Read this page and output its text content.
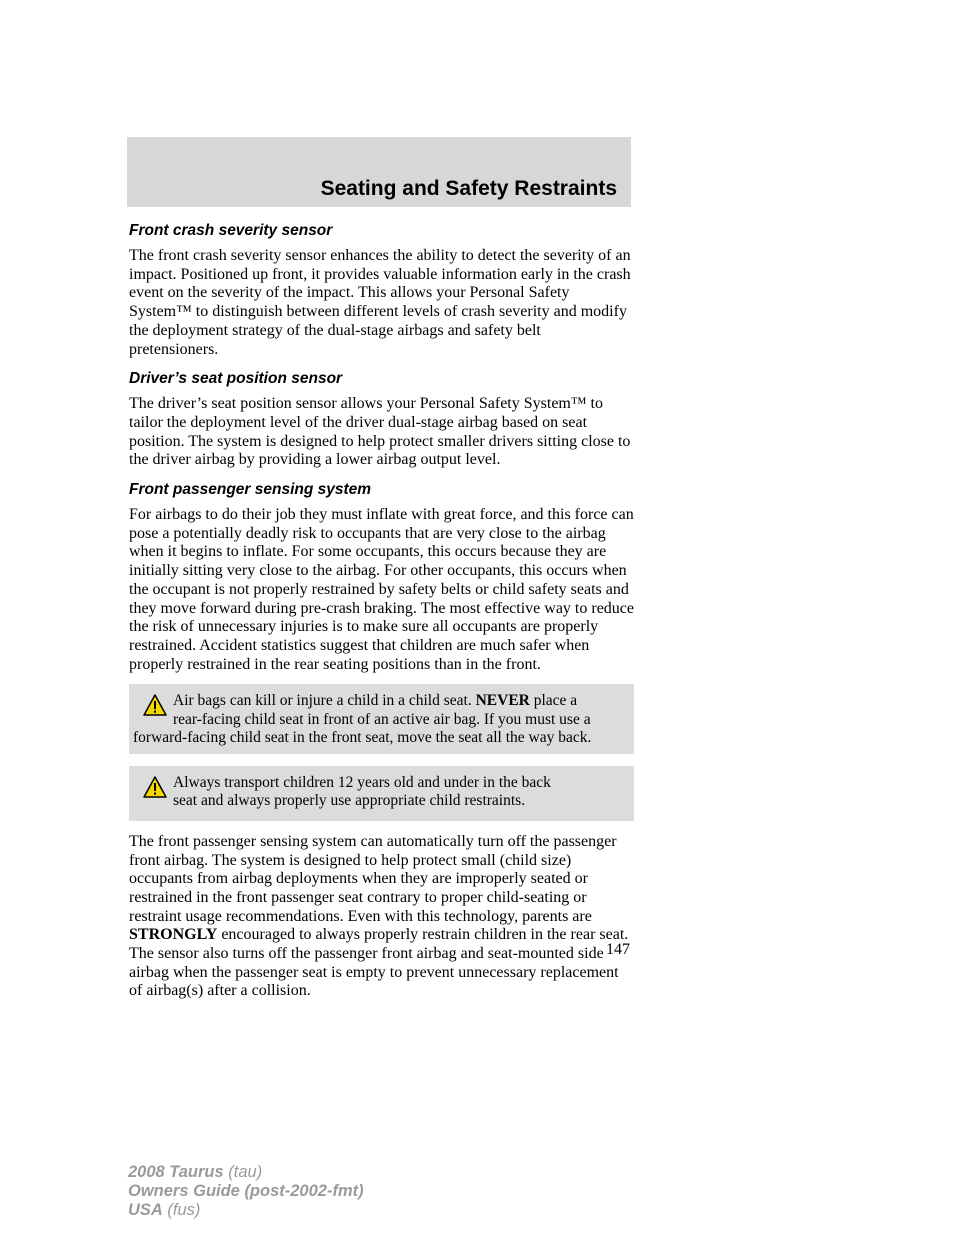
Seating and Safety Restraints
Front crash severity sensor

The front crash severity sensor enhances the ability to detect the severity of an impact. Positioned up front, it provides valuable information early in the crash event on the severity of the impact. This allows your Personal Safety System™ to distinguish between different levels of crash severity and modify the deployment strategy of the dual-stage airbags and safety belt pretensioners.

Driver’s seat position sensor

The driver’s seat position sensor allows your Personal Safety System™ to tailor the deployment level of the driver dual-stage airbag based on seat position. The system is designed to help protect smaller drivers sitting close to the driver airbag by providing a lower airbag output level.

Front passenger sensing system

For airbags to do their job they must inflate with great force, and this force can pose a potentially deadly risk to occupants that are very close to the airbag when it begins to inflate. For some occupants, this occurs because they are initially sitting very close to the airbag. For other occupants, this occurs when the occupant is not properly restrained by safety belts or child safety seats and they move forward during pre-crash braking. The most effective way to reduce the risk of unnecessary injuries is to make sure all occupants are properly restrained. Accident statistics suggest that children are much safer when properly restrained in the rear seating positions than in the front.

Air bags can kill or injure a child in a child seat. NEVER place a
rear-facing child seat in front of an active air bag. If you must use a
forward-facing child seat in the front seat, move the seat all the way back.
Always transport children 12 years old and under in the back
seat and always properly use appropriate child restraints.

The front passenger sensing system can automatically turn off the passenger front airbag. The system is designed to help protect small (child size) occupants from airbag deployments when they are improperly seated or restrained in the front passenger seat contrary to proper child-seating or restraint usage recommendations. Even with this technology, parents are STRONGLY encouraged to always properly restrain children in the rear seat. The sensor also turns off the passenger front airbag and seat-mounted side airbag when the passenger seat is empty to prevent unnecessary replacement of airbag(s) after a collision.

147
2008 Taurus (tau)
Owners Guide (post-2002-fmt)
USA (fus)
